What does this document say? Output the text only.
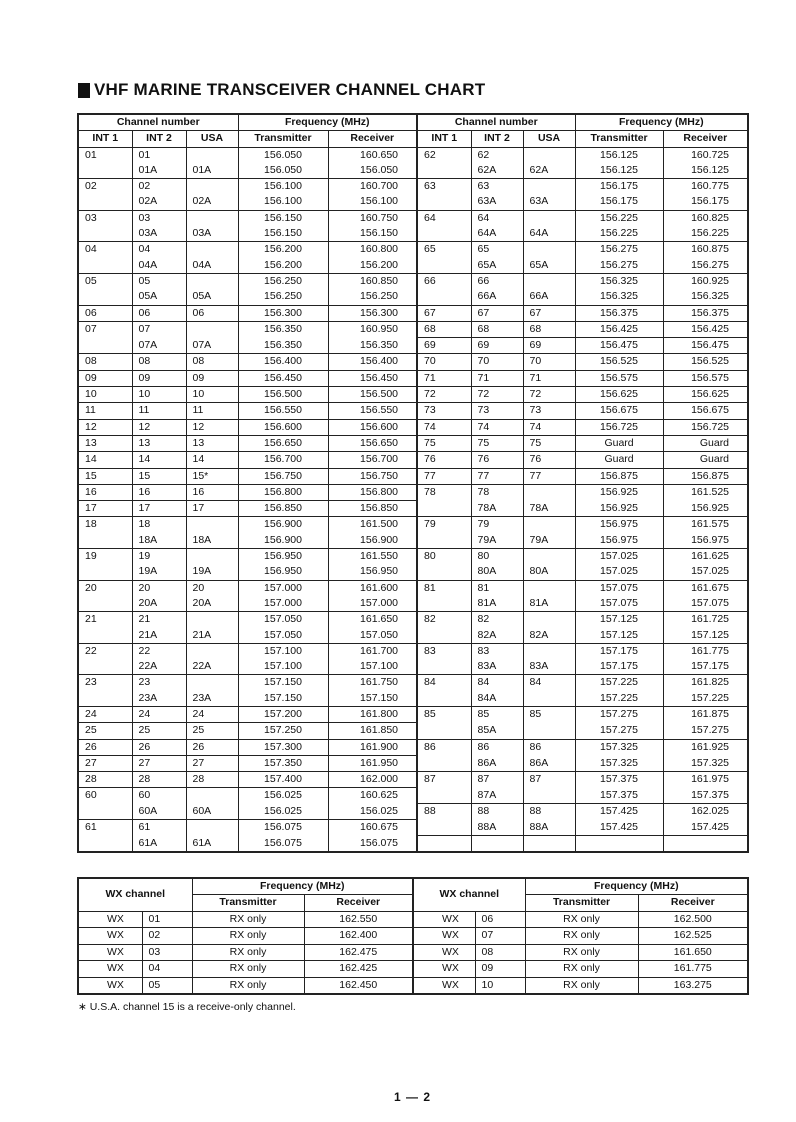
VHF MARINE TRANSCEIVER CHANNEL CHART
Channel number			Frequency (MHz)		Channel number			Frequency (MHz)	
INT 1	INT 2	USA	Transmitter	Receiver	INT 1	INT 2	USA	Transmitter	Receiver
01	01		156.050	160.650	62	62		156.125	160.725
	01A	01A	156.050	156.050		62A	62A	156.125	156.125
02	02		156.100	160.700	63	63		156.175	160.775
	02A	02A	156.100	156.100		63A	63A	156.175	156.175
03	03		156.150	160.750	64	64		156.225	160.825
	03A	03A	156.150	156.150		64A	64A	156.225	156.225
04	04		156.200	160.800	65	65		156.275	160.875
	04A	04A	156.200	156.200		65A	65A	156.275	156.275
05	05		156.250	160.850	66	66		156.325	160.925
	05A	05A	156.250	156.250		66A	66A	156.325	156.325
06	06	06	156.300	156.300	67	67	67	156.375	156.375
07	07		156.350	160.950	68	68	68	156.425	156.425
	07A	07A	156.350	156.350	69	69	69	156.475	156.475
08	08	08	156.400	156.400	70	70	70	156.525	156.525
09	09	09	156.450	156.450	71	71	71	156.575	156.575
10	10	10	156.500	156.500	72	72	72	156.625	156.625
11	11	11	156.550	156.550	73	73	73	156.675	156.675
12	12	12	156.600	156.600	74	74	74	156.725	156.725
13	13	13	156.650	156.650	75	75	75	Guard	Guard
14	14	14	156.700	156.700	76	76	76	Guard	Guard
15	15	15*	156.750	156.750	77	77	77	156.875	156.875
16	16	16	156.800	156.800	78	78		156.925	161.525
17	17	17	156.850	156.850		78A	78A	156.925	156.925
18	18		156.900	161.500	79	79		156.975	161.575
	18A	18A	156.900	156.900		79A	79A	156.975	156.975
19	19		156.950	161.550	80	80		157.025	161.625
	19A	19A	156.950	156.950		80A	80A	157.025	157.025
20	20	20	157.000	161.600	81	81		157.075	161.675
	20A	20A	157.000	157.000		81A	81A	157.075	157.075
21	21		157.050	161.650	82	82		157.125	161.725
	21A	21A	157.050	157.050		82A	82A	157.125	157.125
22	22		157.100	161.700	83	83		157.175	161.775
	22A	22A	157.100	157.100		83A	83A	157.175	157.175
23	23		157.150	161.750	84	84	84	157.225	161.825
	23A	23A	157.150	157.150		84A		157.225	157.225
24	24	24	157.200	161.800	85	85	85	157.275	161.875
25	25	25	157.250	161.850		85A		157.275	157.275
26	26	26	157.300	161.900	86	86	86	157.325	161.925
27	27	27	157.350	161.950		86A	86A	157.325	157.325
28	28	28	157.400	162.000	87	87	87	157.375	161.975
60	60		156.025	160.625		87A		157.375	157.375
	60A	60A	156.025	156.025	88	88	88	157.425	162.025
61	61		156.075	160.675		88A	88A	157.425	157.425
	61A	61A	156.075	156.075					
WX channel		Frequency (MHz)		WX channel		Frequency (MHz)	
		Transmitter	Receiver			Transmitter	Receiver
WX	01	RX only	162.550	WX	06	RX only	162.500
WX	02	RX only	162.400	WX	07	RX only	162.525
WX	03	RX only	162.475	WX	08	RX only	161.650
WX	04	RX only	162.425	WX	09	RX only	161.775
WX	05	RX only	162.450	WX	10	RX only	163.275
∗ U.S.A. channel 15 is a receive-only channel.
1 — 2
